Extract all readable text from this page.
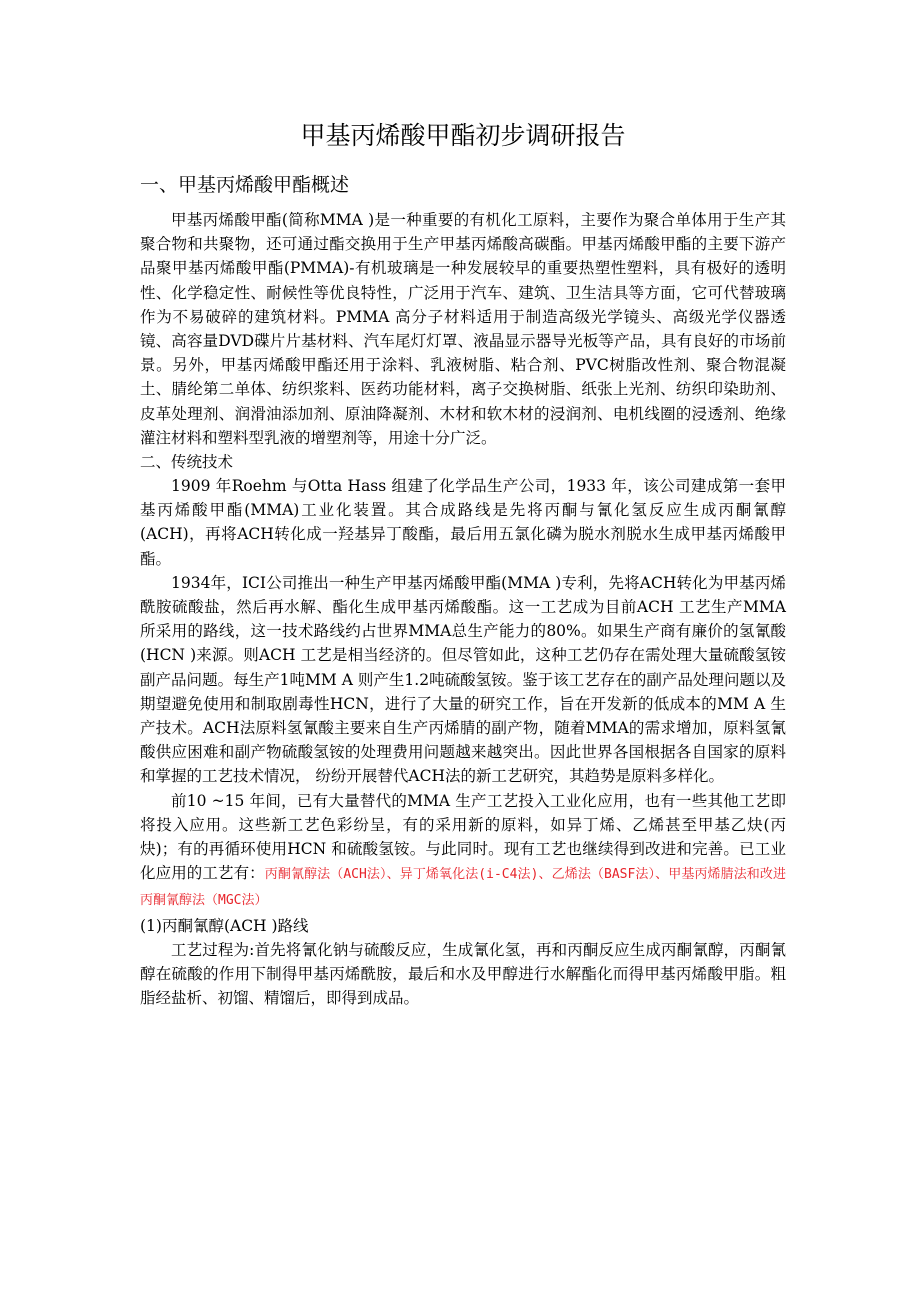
甲基丙烯酸甲酯初步调研报告
一、甲基丙烯酸甲酯概述

甲基丙烯酸甲酯(简称MMA )是一种重要的有机化工原料，主要作为聚合单体用于生产其聚合物和共聚物，还可通过酯交换用于生产甲基丙烯酸高碳酯。甲基丙烯酸甲酯的主要下游产品聚甲基丙烯酸甲酯(PMMA)-有机玻璃是一种发展较早的重要热塑性塑料，具有极好的透明性、化学稳定性、耐候性等优良特性，广泛用于汽车、建筑、卫生洁具等方面，它可代替玻璃作为不易破碎的建筑材料。PMMA 高分子材料适用于制造高级光学镜头、高级光学仪器透镜、高容量DVD碟片片基材料、汽车尾灯灯罩、液晶显示器导光板等产品，具有良好的市场前景。另外，甲基丙烯酸甲酯还用于涂料、乳液树脂、粘合剂、PVC树脂改性剂、聚合物混凝土、腈纶第二单体、纺织浆料、医药功能材料，离子交换树脂、纸张上光剂、纺织印染助剂、皮革处理剂、润滑油添加剂、原油降凝剂、木材和软木材的浸润剂、电机线圈的浸透剂、绝缘灌注材料和塑料型乳液的增塑剂等，用途十分广泛。

二、传统技术

1909 年Roehm 与Otta Hass 组建了化学品生产公司，1933 年，该公司建成第一套甲基丙烯酸甲酯(MMA)工业化装置。其合成路线是先将丙酮与氰化氢反应生成丙酮氰醇(ACH)，再将ACH转化成一羟基异丁酸酯，最后用五氯化磷为脱水剂脱水生成甲基丙烯酸甲酯。

1934年，ICI公司推出一种生产甲基丙烯酸甲酯(MMA )专利，先将ACH转化为甲基丙烯酰胺硫酸盐，然后再水解、酯化生成甲基丙烯酸酯。这一工艺成为目前ACH 工艺生产MMA 所采用的路线，这一技术路线约占世界MMA总生产能力的80%。如果生产商有廉价的氢氰酸(HCN )来源。则ACH 工艺是相当经济的。但尽管如此，这种工艺仍存在需处理大量硫酸氢铵副产品问题。每生产1吨MM A 则产生1.2吨硫酸氢铵。鉴于该工艺存在的副产品处理问题以及期望避免使用和制取剧毒性HCN，进行了大量的研究工作，旨在开发新的低成本的MM A 生产技术。ACH法原料氢氰酸主要来自生产丙烯腈的副产物，随着MMA的需求增加，原料氢氰酸供应困难和副产物硫酸氢铵的处理费用问题越来越突出。因此世界各国根据各自国家的原料和掌握的工艺技术情况， 纷纷开展替代ACH法的新工艺研究，其趋势是原料多样化。

前10 ~15 年间，已有大量替代的MMA 生产工艺投入工业化应用，也有一些其他工艺即将投入应用。这些新工艺色彩纷呈，有的采用新的原料，如异丁烯、乙烯甚至甲基乙炔(丙炔)；有的再循环使用HCN 和硫酸氢铵。与此同时。现有工艺也继续得到改进和完善。已工业化应用的工艺有：丙酮氰醇法（ACH法）、异丁烯氧化法(i-C4法)、乙烯法（BASF法）、甲基丙烯腈法和改进丙酮氰醇法（MGC法）

(1)丙酮氰醇(ACH )路线

工艺过程为:首先将氰化钠与硫酸反应，生成氰化氢，再和丙酮反应生成丙酮氰醇，丙酮氰醇在硫酸的作用下制得甲基丙烯酰胺，最后和水及甲醇进行水解酯化而得甲基丙烯酸甲脂。粗脂经盐析、初馏、精馏后，即得到成品。
